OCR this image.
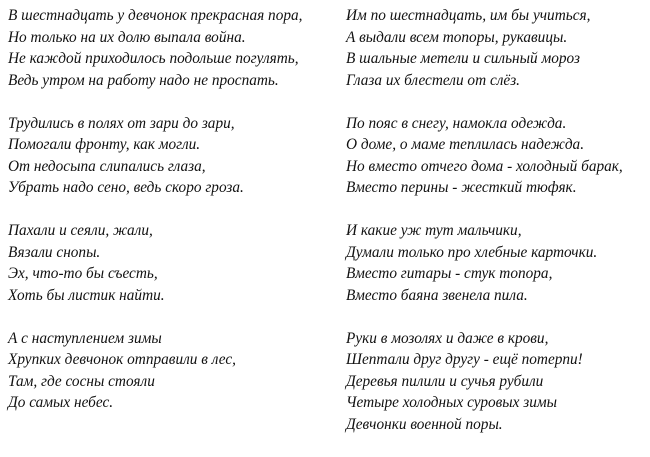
В шестнадцать у девчонок прекрасная пора,
Но только на их долю выпала война.
Не каждой приходилось подольше погулять,
Ведь утром на работу надо не проспать.
Трудились в полях от зари до зари,
Помогали фронту, как могли.
От недосыпа слипались глаза,
Убрать надо сено, ведь скоро гроза.
Пахали и сеяли, жали,
Вязали снопы.
Эх, что-то бы съесть,
Хоть бы листик найти.
А с наступлением зимы
Хрупких девчонок отправили в лес,
Там, где сосны стояли
До самых небес.
Им по шестнадцать, им бы учиться,
А выдали всем топоры, рукавицы.
В шальные метели и сильный мороз
Глаза их блестели от слёз.
По пояс в снегу, намокла одежда.
О доме, о маме теплилась надежда.
Но вместо отчего дома - холодный барак,
Вместо перины - жесткий тюфяк.
И какие уж тут мальчики,
Думали только про хлебные карточки.
Вместо гитары - стук топора,
Вместо баяна звенела пила.
Руки в мозолях и даже в крови,
Шептали друг другу - ещё потерпи!
Деревья пилили и сучья рубили
Четыре холодных суровых зимы
Девчонки военной поры.
